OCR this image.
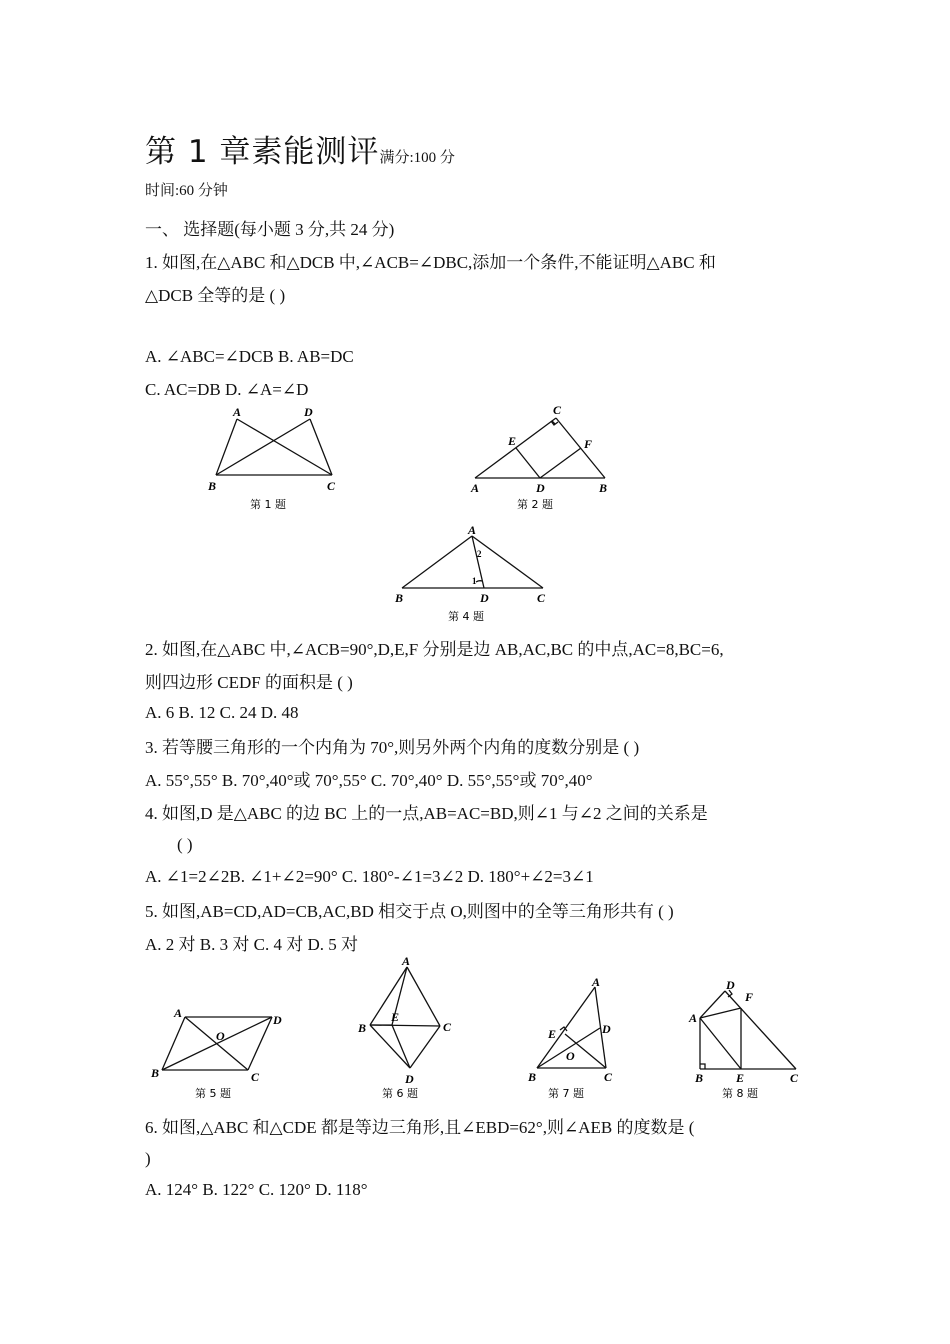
第 1 章素能测评满分:100 分
时间:60 分钟
一、 选择题(每小题 3 分,共 24 分)
1. 如图,在△ABC 和△DCB 中,∠ACB=∠DBC,添加一个条件,不能证明△ABC 和
△DCB 全等的是 ( )
A. ∠ABC=∠DCB B. AB=DC
C. AC=DB D. ∠A=∠D
A	D
B	C
第 1 题
C
E	F
A	D	B
第 2 题
A
2
1
B	D	C
第 4 题
2. 如图,在△ABC 中,∠ACB=90°,D,E,F 分别是边 AB,AC,BC 的中点,AC=8,BC=6,
则四边形 CEDF 的面积是 ( )
A. 6 B. 12 C. 24 D. 48
3. 若等腰三角形的一个内角为 70°,则另外两个内角的度数分别是 ( )
A. 55°,55° B. 70°,40°或 70°,55° C. 70°,40° D. 55°,55°或 70°,40°
4. 如图,D 是△ABC 的边 BC 上的一点,AB=AC=BD,则∠1 与∠2 之间的关系是
( )
A. ∠1=2∠2B. ∠1+∠2=90° C. 180°-∠1=3∠2 D. 180°+∠2=3∠1
5. 如图,AB=CD,AD=CB,AC,BD 相交于点 O,则图中的全等三角形共有 ( )
A. 2 对 B. 3 对 C. 4 对 D. 5 对
A	D
O
B	C
第 5 题
A
B
E
C
D
第 6 题
A
E	D
O
B	C
第 7 题
D
F
A
B	E	C
第 8 题
6. 如图,△ABC 和△CDE 都是等边三角形,且∠EBD=62°,则∠AEB 的度数是 (
)
A. 124° B. 122° C. 120° D. 118°
